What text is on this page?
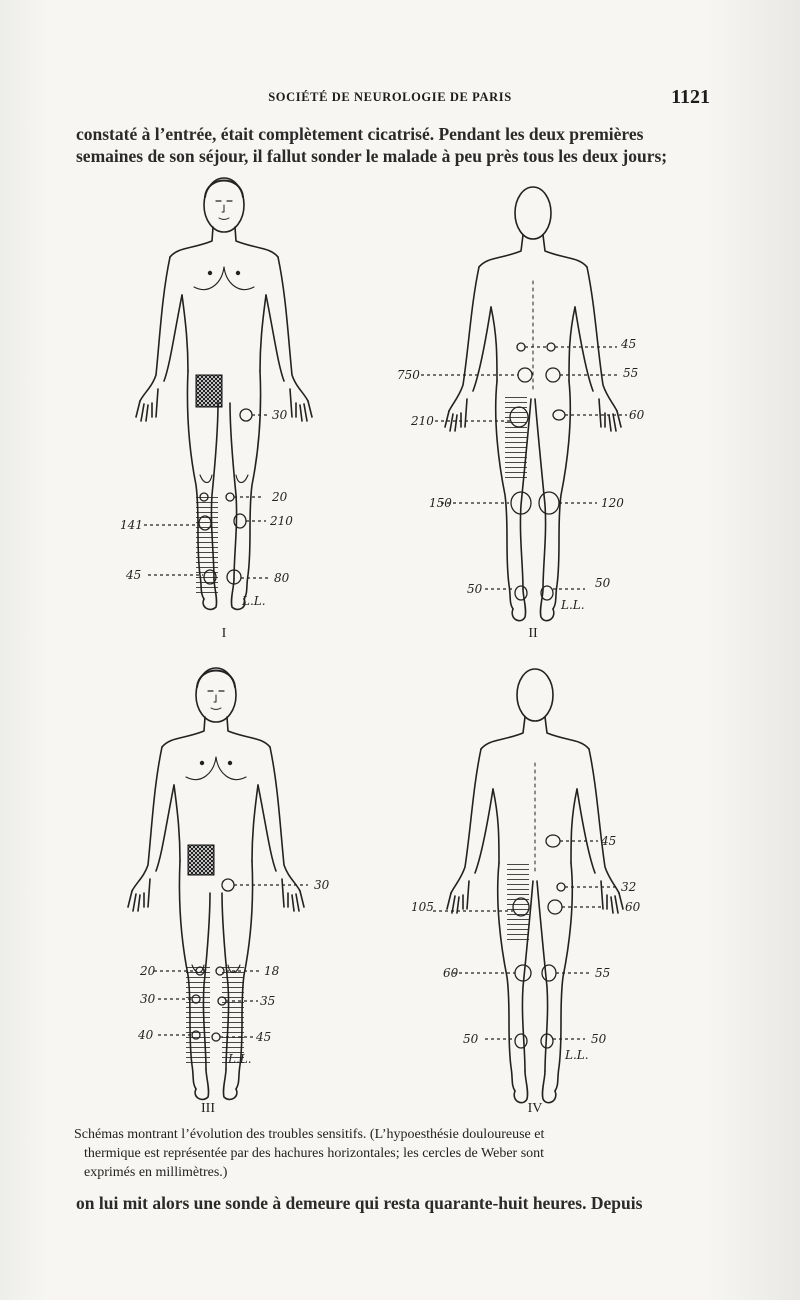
SOCIÉTÉ DE NEUROLOGIE DE PARIS	1121
constaté à l’entrée, était complètement cicatrisé. Pendant les deux premières
semaines de son séjour, il fallut sonder le malade à peu près tous les deux jours;
30
20
141	210
45	80
L.L.
I
45
750	55
210	60
150	120
50	50
L.L.
II
30
20	18
30	35
40	45
L.L.
III
45
32
105	60
60	55
50	50
L.L.
IV
Schémas montrant l’évolution des troubles sensitifs. (L’hypoesthésie douloureuse et
thermique est représentée par des hachures horizontales; les cercles de Weber sont
exprimés en millimètres.)
on lui mit alors une sonde à demeure qui resta quarante-huit heures. Depuis
